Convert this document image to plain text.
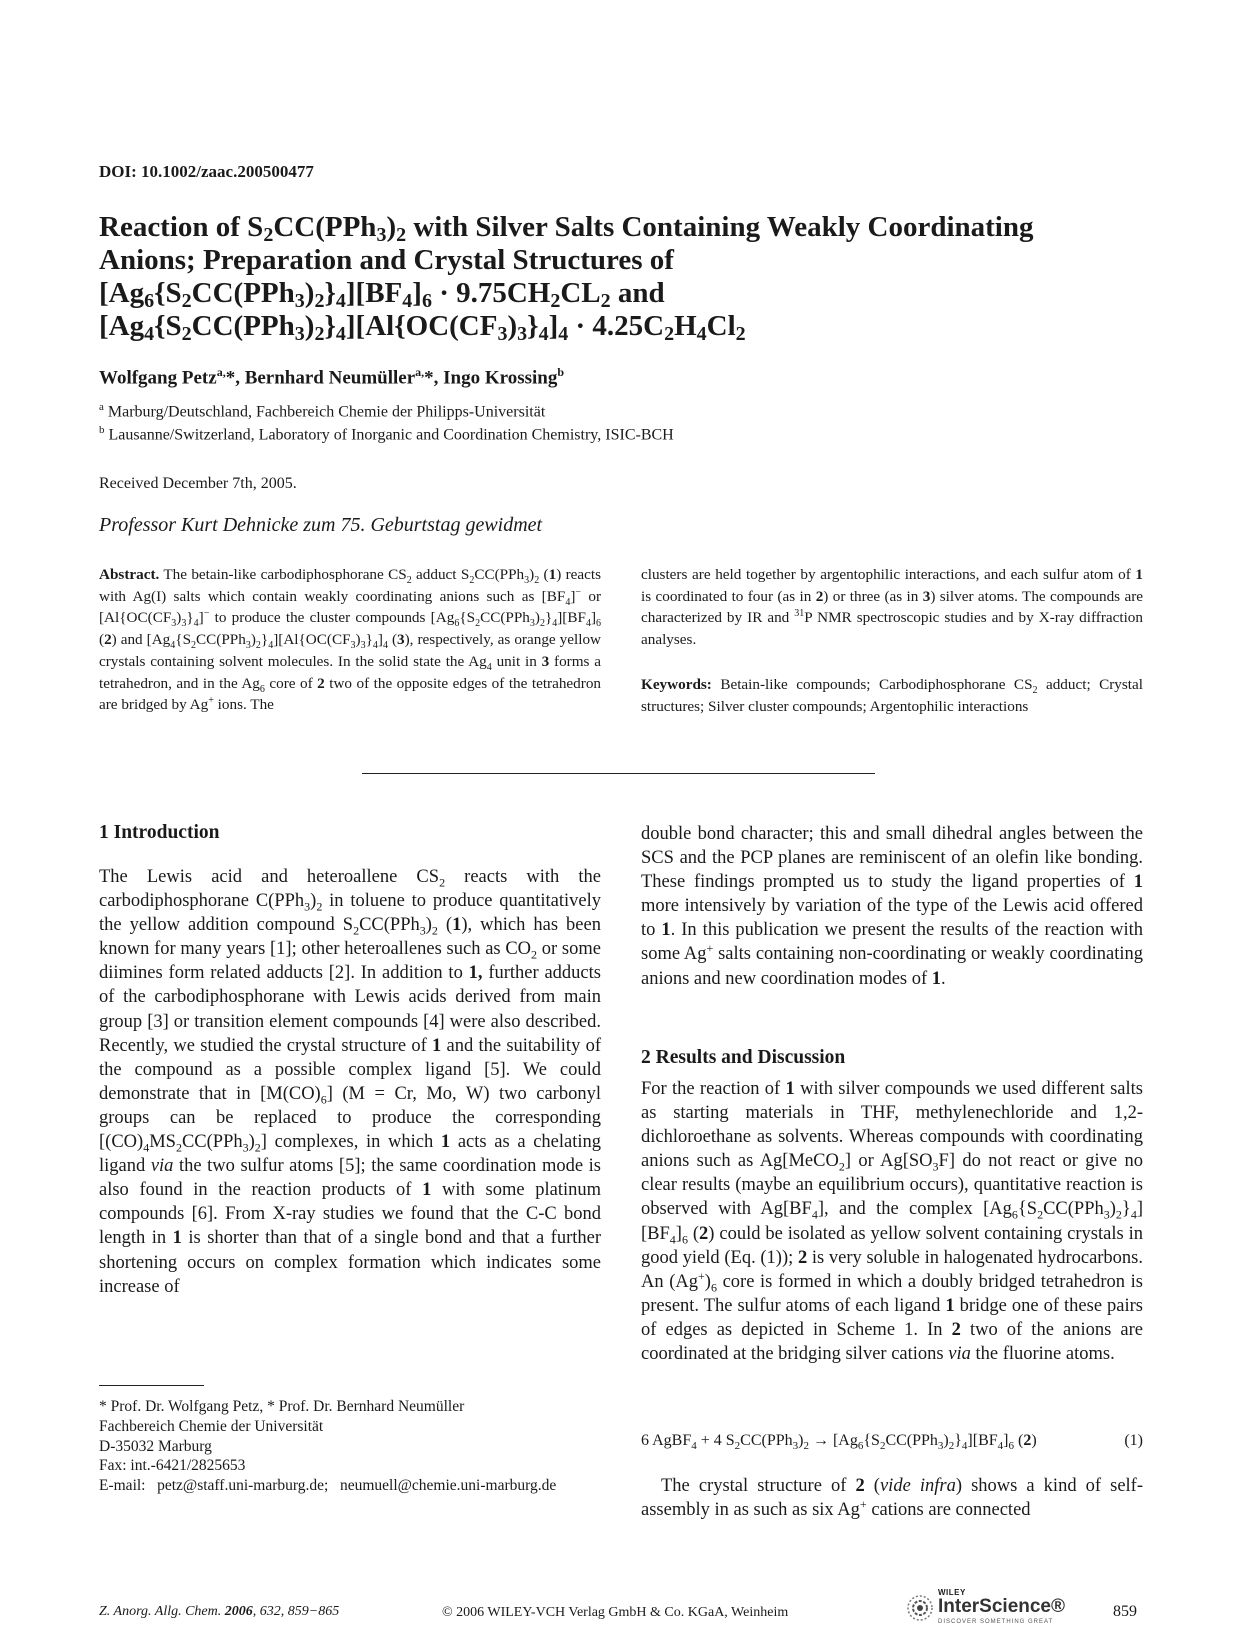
DOI: 10.1002/zaac.200500477
Reaction of $S_2CC(PPh_3)_2$ with Silver Salts Containing Weakly Coordinating
Anions; Preparation and Crystal Structures of
$[Ag_6\{S_2CC(PPh_3)_2\}_4][BF_4]_6 \cdot 9.75CH_2CL_2$ and
$[Ag_4\{S_2CC(PPh_3)_2\}_4][Al\{OC(CF_3)_3\}_4]_4 \cdot 4.25C_2H_4Cl_2$
Wolfgang Petz$^{a,}$*, Bernhard Neumüller$^{a,}$*, Ingo Krossing$^b$
$^a$ Marburg/Deutschland, Fachbereich Chemie der Philipps-Universität
$^b$ Lausanne/Switzerland, Laboratory of Inorganic and Coordination Chemistry, ISIC-BCH
Received December 7th, 2005.
Professor Kurt Dehnicke zum 75. Geburtstag gewidmet
Abstract. The betain-like carbodiphosphorane $CS_2$ adduct $S_2CC(PPh_3)_2$ (1) reacts with Ag(I) salts which contain weakly coordinating anions such as $[BF_4]^-$ or $[Al\{OC(CF_3)_3\}_4]^-$ to produce the cluster compounds $[Ag_6\{S_2CC(PPh_3)_2\}_4][BF_4]_6$ (2) and $[Ag_4\{S_2CC(PPh_3)_2\}_4][Al\{OC(CF_3)_3\}_4]_4$ (3), respectively, as orange yellow crystals containing solvent molecules. In the solid state the $Ag_4$ unit in 3 forms a tetrahedron, and in the $Ag_6$ core of 2 two of the opposite edges of the tetrahedron are bridged by Ag+ ions. The
clusters are held together by argentophilic interactions, and each sulfur atom of 1 is coordinated to four (as in 2) or three (as in 3) silver atoms. The compounds are characterized by IR and $^{31}$P NMR spectroscopic studies and by X-ray diffraction analyses.
Keywords: Betain-like compounds; Carbodiphosphorane $CS_2$ adduct; Crystal structures; Silver cluster compounds; Argentophilic interactions
1 Introduction

The Lewis acid and heteroallene $CS_2$ reacts with the carbodiphosphorane $C(PPh_3)_2$ in toluene to produce quantitatively the yellow addition compound $S_2CC(PPh_3)_2$ (1), which has been known for many years [1]; other heteroallenes such as $CO_2$ or some diimines form related adducts [2]. In addition to 1, further adducts of the carbodiphosphorane with Lewis acids derived from main group [3] or transition element compounds [4] were also described. Recently, we studied the crystal structure of 1 and the suitability of the compound as a possible complex ligand [5]. We could demonstrate that in $[M(CO)_6] (M = Cr$, Mo, W) two carbonyl groups can be replaced to produce the corresponding $[(CO)_4MS_2CC(PPh_3)_2]$ complexes, in which 1 acts as a chelating ligand via the two sulfur atoms [5]; the same coordination mode is also found in the reaction products of 1 with some platinum compounds [6]. From X-ray studies we found that the C-C bond length in 1 is shorter than that of a single bond and that a further shortening occurs on complex formation which indicates some increase of

double bond character; this and small dihedral angles between the SCS and the PCP planes are reminiscent of an olefin like bonding. These findings prompted us to study the ligand properties of 1 more intensively by variation of the type of the Lewis acid offered to 1. In this publication we present the results of the reaction with some Ag+ salts containing non-coordinating or weakly coordinating anions and new coordination modes of 1.

2 Results and Discussion

For the reaction of 1 with silver compounds we used different salts as starting materials in THF, methylenechloride and 1,2-dichloroethane as solvents. Whereas compounds with coordinating anions such as Ag[MeCO$_2$] or $Ag[SO_3F]$ do not react or give no clear results (maybe an equilibrium occurs), quantitative reaction is observed with $Ag[BF_4]$, and the complex $[Ag_6\{S_2CC(PPh_3)_2\}_4][BF_4]_6$ (2) could be isolated as yellow solvent containing crystals in good yield (Eq. (1)); 2 is very soluble in halogenated hydrocarbons. An $(Ag^+)_6$ core is formed in which a doubly bridged tetrahedron is present. The sulfur atoms of each ligand 1 bridge one of these pairs of edges as depicted in Scheme 1. In 2 two of the anions are coordinated at the bridging silver cations via the fluorine atoms.

6 AgBF$_4$ + 4 $S_2CC(PPh_3)_2 \to [Ag_6\{S_2CC(PPh_3)_2\}_4][BF_4]_6$ (2)	(1)

The crystal structure of 2 (vide infra) shows a kind of self-assembly in as such as six Ag+ cations are connected

* Prof. Dr. Wolfgang Petz, * Prof. Dr. Bernhard Neumüller
Fachbereich Chemie der Universität
D-35032 Marburg
Fax: int.-6421/2825653
E-mail:   petz@staff.uni-marburg.de;   neumuell@chemie.uni-marburg.de
Z. Anorg. Allg. Chem. 2006, 632, 859−865	© 2006 WILEY-VCH Verlag GmbH & Co. KGaA, Weinheim
WILEY
InterScience®
DISCOVER SOMETHING GREAT
859
